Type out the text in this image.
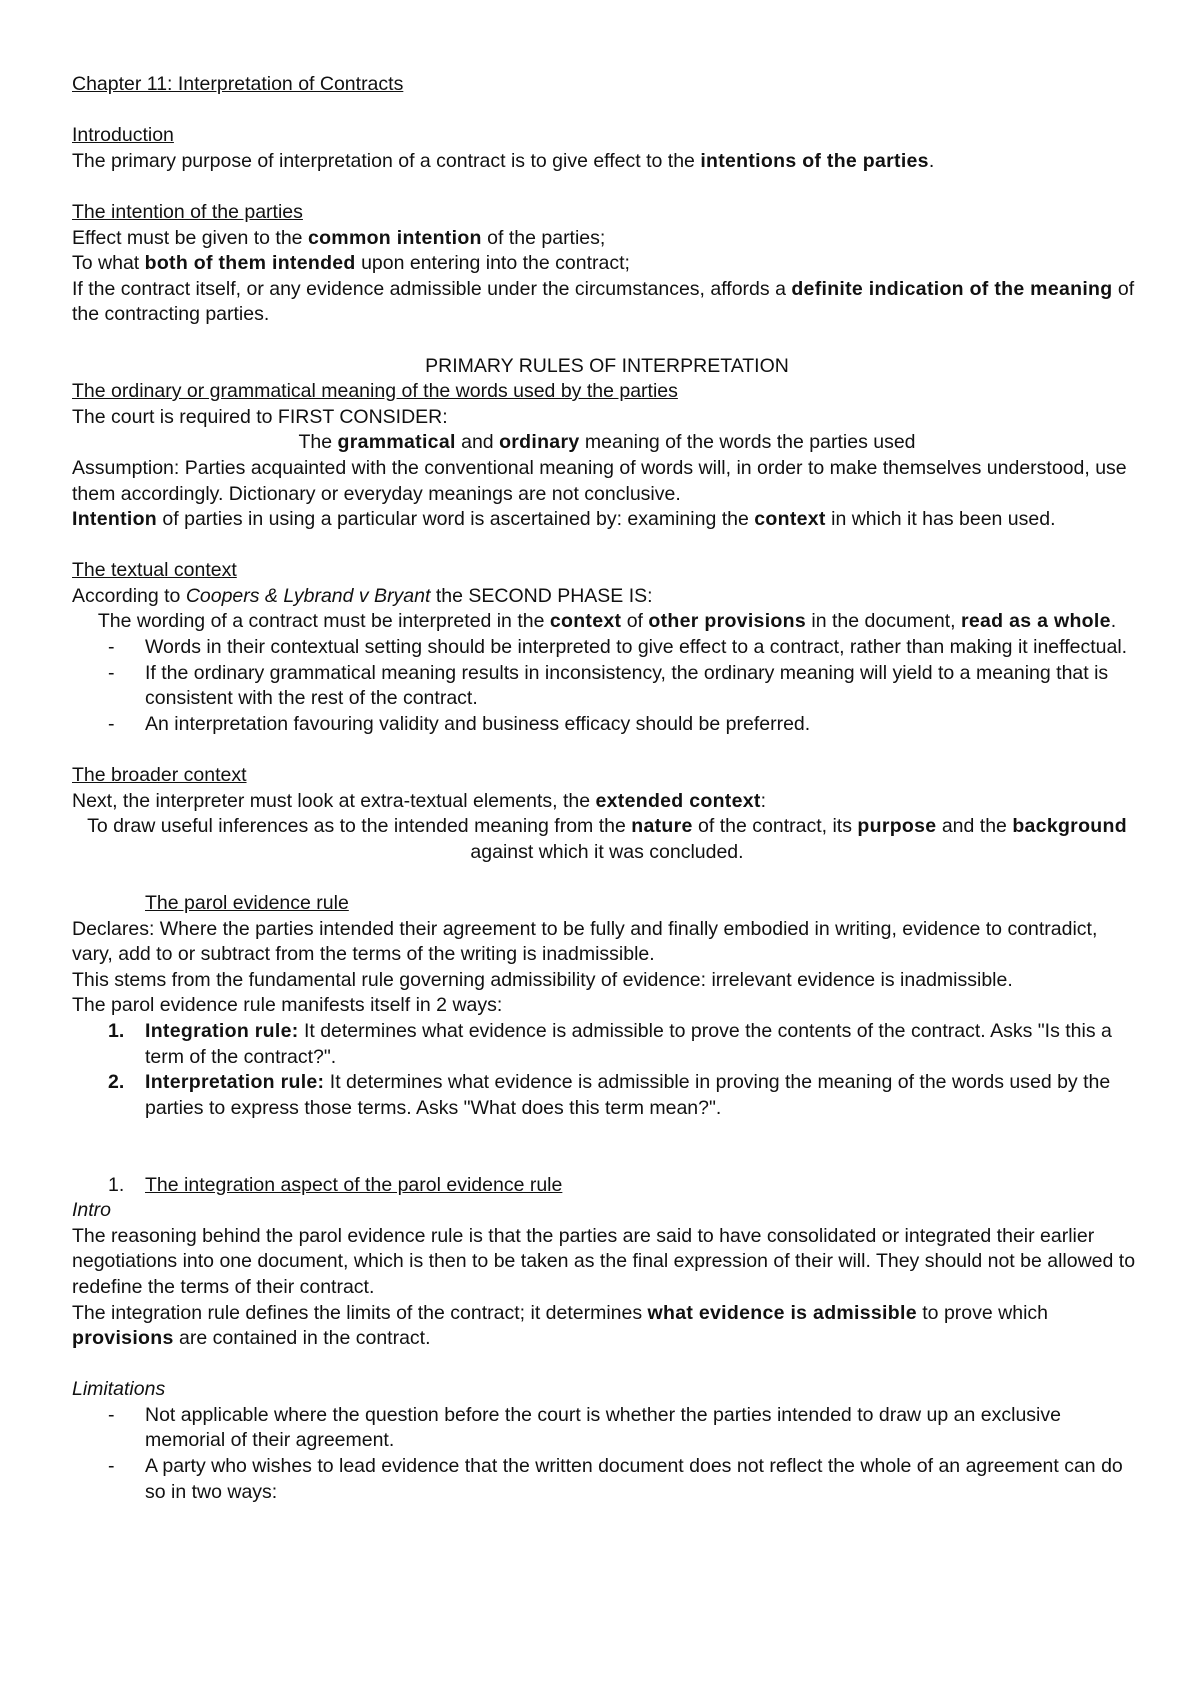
Chapter 11: Interpretation of Contracts

Introduction

The primary purpose of interpretation of a contract is to give effect to the intentions of the parties.

The intention of the parties

Effect must be given to the common intention of the parties;

To what both of them intended upon entering into the contract;

If the contract itself, or any evidence admissible under the circumstances, affords a definite indication of the meaning of the contracting parties.

PRIMARY RULES OF INTERPRETATION

The ordinary or grammatical meaning of the words used by the parties

The court is required to FIRST CONSIDER:

The grammatical and ordinary meaning of the words the parties used

Assumption: Parties acquainted with the conventional meaning of words will, in order to make themselves understood, use them accordingly. Dictionary or everyday meanings are not conclusive.

Intention of parties in using a particular word is ascertained by: examining the context in which it has been used.

The textual context

According to Coopers & Lybrand v Bryant the SECOND PHASE IS:

The wording of a contract must be interpreted in the context of other provisions in the document, read as a whole.

- Words in their contextual setting should be interpreted to give effect to a contract, rather than making it ineffectual.
- If the ordinary grammatical meaning results in inconsistency, the ordinary meaning will yield to a meaning that is consistent with the rest of the contract.
- An interpretation favouring validity and business efficacy should be preferred.

The broader context

Next, the interpreter must look at extra-textual elements, the extended context:

To draw useful inferences as to the intended meaning from the nature of the contract, its purpose and the background against which it was concluded.

The parol evidence rule

Declares: Where the parties intended their agreement to be fully and finally embodied in writing, evidence to contradict, vary, add to or subtract from the terms of the writing is inadmissible.

This stems from the fundamental rule governing admissibility of evidence: irrelevant evidence is inadmissible.

The parol evidence rule manifests itself in 2 ways:

1. Integration rule: It determines what evidence is admissible to prove the contents of the contract. Asks "Is this a term of the contract?".
2. Interpretation rule: It determines what evidence is admissible in proving the meaning of the words used by the parties to express those terms. Asks "What does this term mean?".
1. The integration aspect of the parol evidence rule

Intro

The reasoning behind the parol evidence rule is that the parties are said to have consolidated or integrated their earlier negotiations into one document, which is then to be taken as the final expression of their will. They should not be allowed to redefine the terms of their contract.

The integration rule defines the limits of the contract; it determines what evidence is admissible to prove which provisions are contained in the contract.

Limitations

- Not applicable where the question before the court is whether the parties intended to draw up an exclusive memorial of their agreement.
- A party who wishes to lead evidence that the written document does not reflect the whole of an agreement can do so in two ways:
